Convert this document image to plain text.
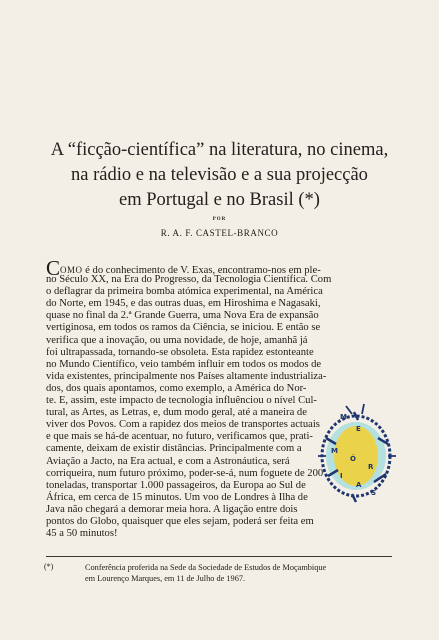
A “ficção-científica” na literatura, no cinema,
na rádio e na televisão e a sua projecção
em Portugal e no Brasil (*)
POR
R. A. F. CASTEL-BRANCO
COMO é do conhecimento de V. Exas, encontramo-nos em ple-
no Século XX, na Era do Progresso, da Tecnologia Científica. Com
o deflagrar da primeira bomba atómica experimental, na América
do Norte, em 1945, e das outras duas, em Hiroshima e Nagasaki,
quase no final da 2.ª Grande Guerra, uma Nova Era de expansão
vertiginosa, em todos os ramos da Ciência, se iniciou. E então se
verifica que a inovação, ou uma novidade, de hoje, amanhã já
foi ultrapassada, tornando-se obsoleta. Esta rapidez estonteante
no Mundo Científico, veio também influir em todos os modos de
vida existentes, principalmente nos Países altamente industrializa-
dos, dos quais apontamos, como exemplo, a América do Nor-
te. E, assim, este impacto de tecnologia influênciou o nível Cul-
tural, as Artes, as Letras, e, dum modo geral, até a maneira de
viver dos Povos. Com a rapidez dos meios de transportes actuais
e que mais se há-de acentuar, no futuro, verificamos que, prati-
camente, deixam de existir distâncias. Principalmente com a
Aviação a Jacto, na Era actual, e com a Astronáutica, será
corriqueira, num futuro próximo, poder-se-á, num foguete de 200
toneladas, transportar 1.000 passageiros, da Europa ao Sul de
África, em cerca de 15 minutos. Um voo de Londres à Ilha de
Java não chegará a demorar meia hora. A ligação entre dois
pontos do Globo, quaisquer que eles sejam, poderá ser feita em
45 a 50 minutos!
M
E
M
Ó
R
I
A
S
(*)	Conferência proferida na Sede da Sociedade de Estudos de Moçambique
em Lourenço Marques, em 11 de Julho de 1967.
